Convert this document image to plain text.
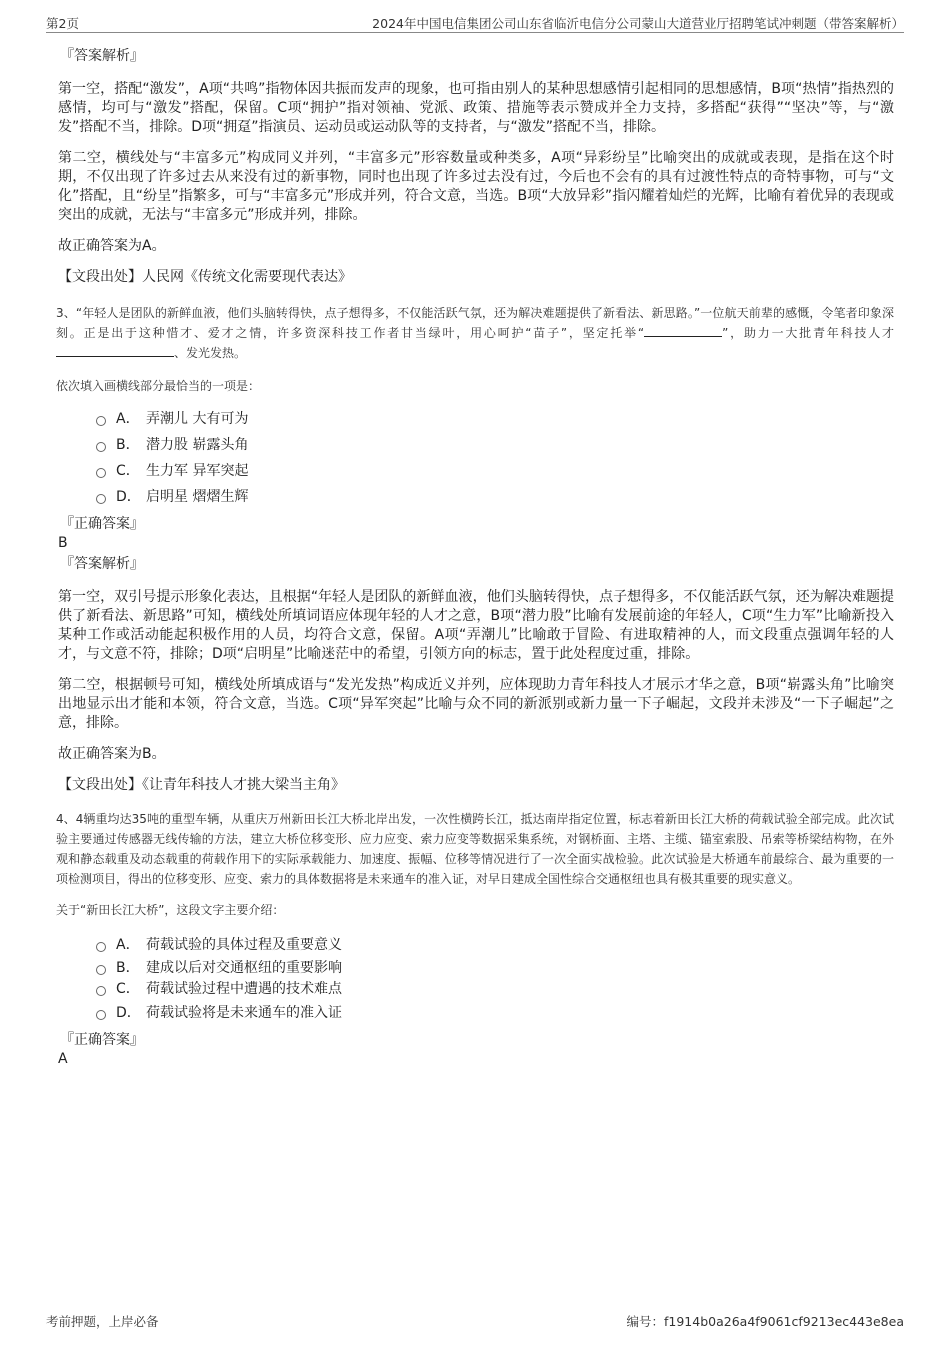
第2页	2024年中国电信集团公司山东省临沂电信分公司蒙山大道营业厅招聘笔试冲刺题（带答案解析）
『答案解析』

第一空，搭配“激发”，A项“共鸣”指物体因共振而发声的现象，也可指由别人的某种思想感情引起相同的思想感情，B项“热情”指热烈的感情，均可与“激发”搭配，保留。C项“拥护”指对领袖、党派、政策、措施等表示赞成并全力支持，多搭配“获得”“坚决”等，与“激发”搭配不当，排除。D项“拥趸”指演员、运动员或运动队等的支持者，与“激发”搭配不当，排除。

第二空，横线处与“丰富多元”构成同义并列，“丰富多元”形容数量或种类多，A项“异彩纷呈”比喻突出的成就或表现，是指在这个时期，不仅出现了许多过去从来没有过的新事物，同时也出现了许多过去没有过，今后也不会有的具有过渡性特点的奇特事物，可与“文化”搭配，且“纷呈”指繁多，可与“丰富多元”形成并列，符合文意，当选。B项“大放异彩”指闪耀着灿烂的光辉，比喻有着优异的表现或突出的成就，无法与“丰富多元”形成并列，排除。

故正确答案为A。

【文段出处】人民网《传统文化需要现代表达》

3、“年轻人是团队的新鲜血液，他们头脑转得快，点子想得多，不仅能活跃气氛，还为解决难题提供了新看法、新思路。”一位航天前辈的感慨，令笔者印象深刻。正是出于这种惜才、爱才之情，许多资深科技工作者甘当绿叶，用心呵护“苗子”，坚定托举“	”，助力一大批青年科技人才、发光发热。

依次填入画横线部分最恰当的一项是：

A． 弄潮儿 大有可为
B． 潜力股 崭露头角
C． 生力军 异军突起
D． 启明星 熠熠生辉
『正确答案』

B

『答案解析』

第一空，双引号提示形象化表达，且根据“年轻人是团队的新鲜血液，他们头脑转得快，点子想得多，不仅能活跃气氛，还为解决难题提供了新看法、新思路”可知，横线处所填词语应体现年轻的人才之意，B项“潜力股”比喻有发展前途的年轻人，C项“生力军”比喻新投入某种工作或活动能起积极作用的人员，均符合文意，保留。A项“弄潮儿”比喻敢于冒险、有进取精神的人，而文段重点强调年轻的人才，与文意不符，排除；D项“启明星”比喻迷茫中的希望，引领方向的标志，置于此处程度过重，排除。

第二空，根据顿号可知，横线处所填成语与“发光发热”构成近义并列，应体现助力青年科技人才展示才华之意，B项“崭露头角”比喻突出地显示出才能和本领，符合文意，当选。C项“异军突起”比喻与众不同的新派别或新力量一下子崛起，文段并未涉及“一下子崛起”之意，排除。

故正确答案为B。

【文段出处】《让青年科技人才挑大梁当主角》

4、4辆重均达35吨的重型车辆，从重庆万州新田长江大桥北岸出发，一次性横跨长江，抵达南岸指定位置，标志着新田长江大桥的荷载试验全部完成。此次试验主要通过传感器无线传输的方法，建立大桥位移变形、应力应变、索力应变等数据采集系统，对钢桥面、主塔、主缆、锚室索股、吊索等桥梁结构物，在外观和静态载重及动态载重的荷载作用下的实际承载能力、加速度、振幅、位移等情况进行了一次全面实战检验。此次试验是大桥通车前最综合、最为重要的一项检测项目，得出的位移变形、应变、索力的具体数据将是未来通车的准入证，对早日建成全国性综合交通枢纽也具有极其重要的现实意义。

关于“新田长江大桥”，这段文字主要介绍：

A． 荷载试验的具体过程及重要意义
B． 建成以后对交通枢纽的重要影响
C． 荷载试验过程中遭遇的技术难点
D． 荷载试验将是未来通车的准入证
『正确答案』

A

考前押题，上岸必备	编号：f1914b0a26a4f9061cf9213ec443e8ea
